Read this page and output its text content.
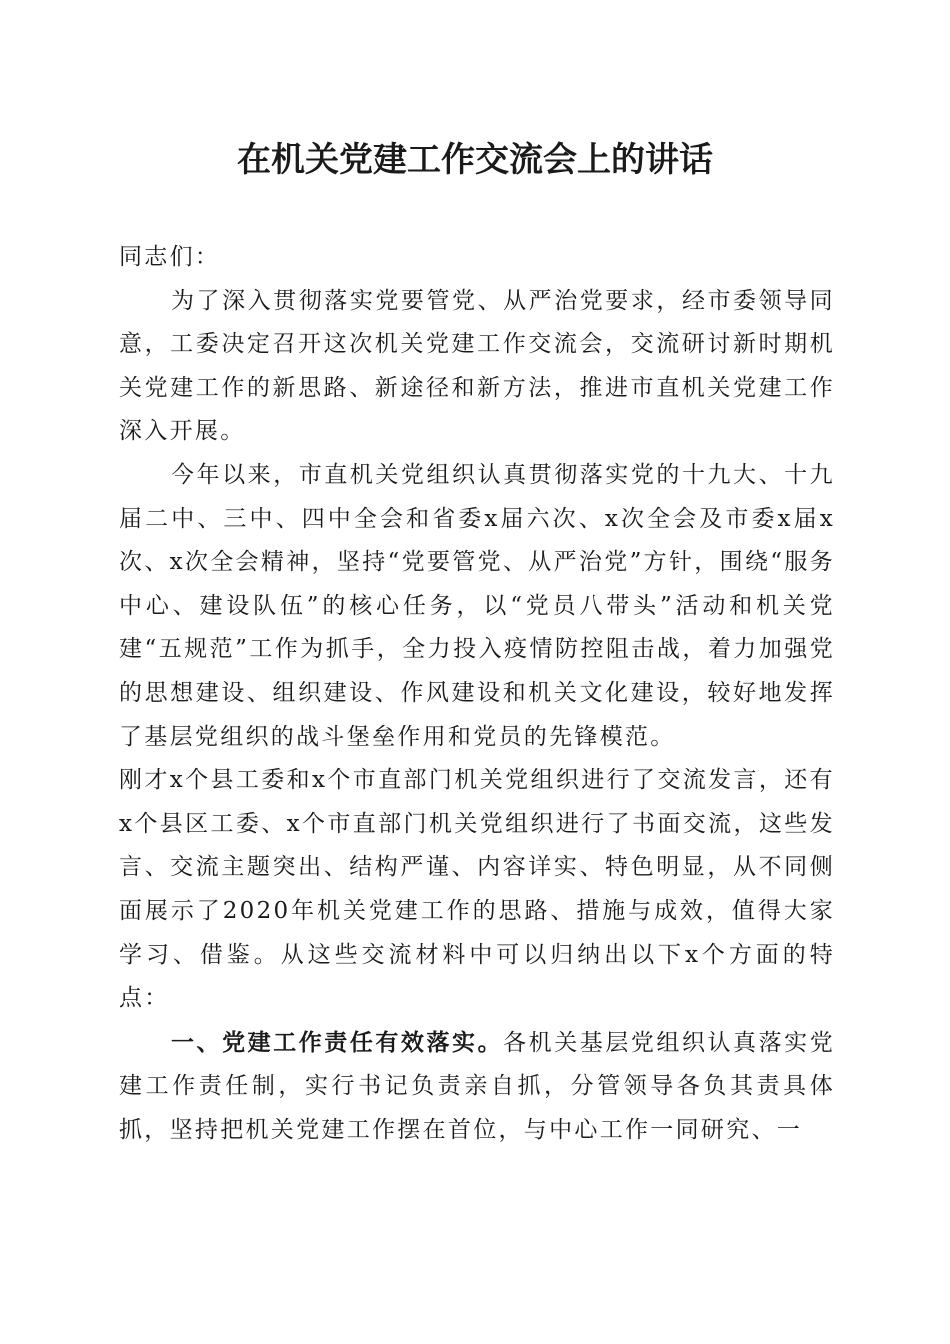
在机关党建工作交流会上的讲话

同志们：

为了深入贯彻落实党要管党、从严治党要求，经市委领导同意，工委决定召开这次机关党建工作交流会，交流研讨新时期机关党建工作的新思路、新途径和新方法，推进市直机关党建工作深入开展。

今年以来，市直机关党组织认真贯彻落实党的十九大、十九届二中、三中、四中全会和省委x届六次、x次全会及市委x届x次、x次全会精神，坚持“党要管党、从严治党”方针，围绕“服务中心、建设队伍”的核心任务，以“党员八带头”活动和机关党建“五规范”工作为抓手，全力投入疫情防控阻击战，着力加强党的思想建设、组织建设、作风建设和机关文化建设，较好地发挥了基层党组织的战斗堡垒作用和党员的先锋模范。

刚才x个县工委和x个市直部门机关党组织进行了交流发言，还有x个县区工委、x个市直部门机关党组织进行了书面交流，这些发言、交流主题突出、结构严谨、内容详实、特色明显，从不同侧面展示了2020年机关党建工作的思路、措施与成效，值得大家学习、借鉴。从这些交流材料中可以归纳出以下x个方面的特点：

一、党建工作责任有效落实。各机关基层党组织认真落实党建工作责任制，实行书记负责亲自抓，分管领导各负其责具体抓，坚持把机关党建工作摆在首位，与中心工作一同研究、一
